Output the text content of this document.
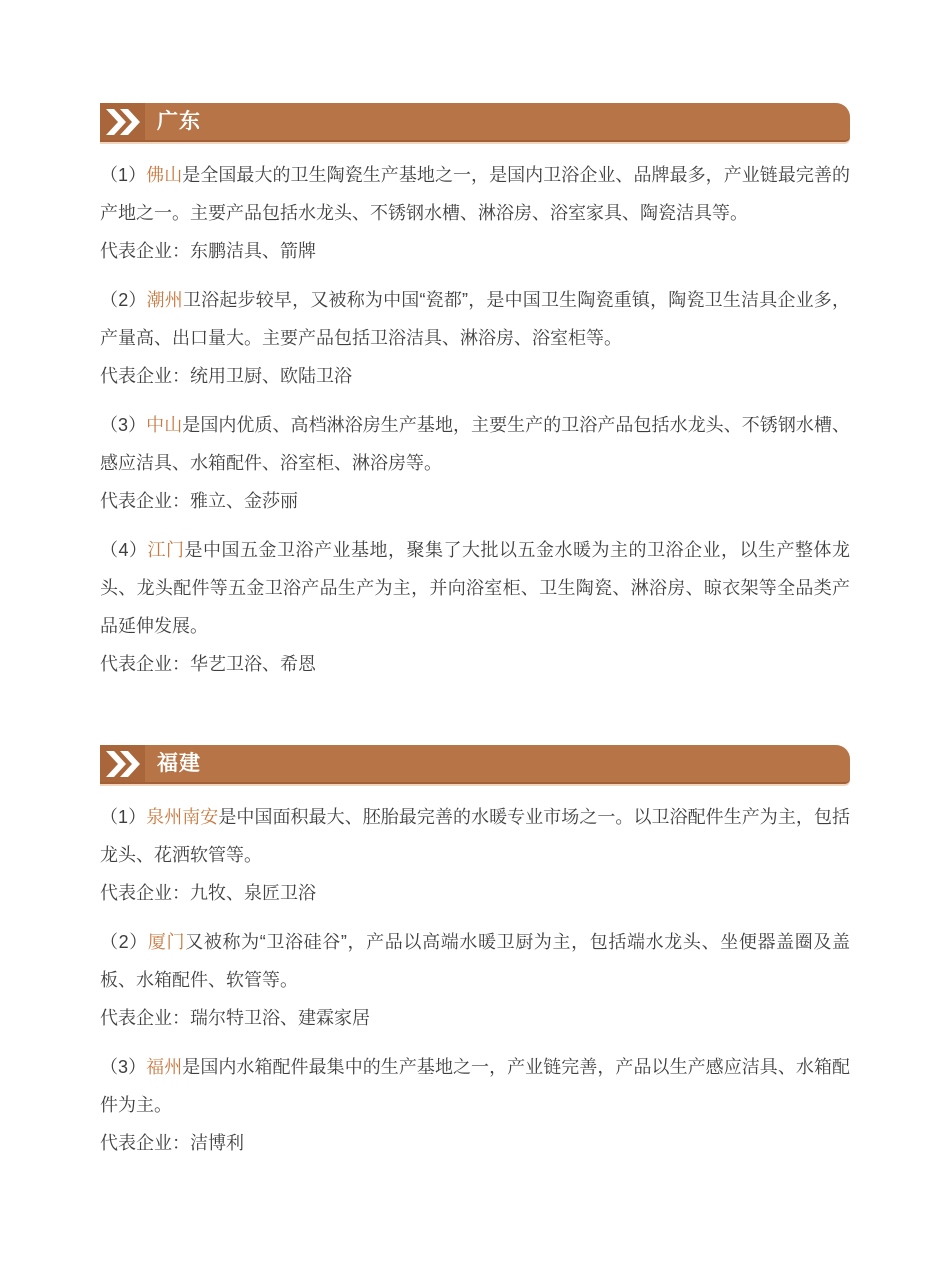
广东

（1）佛山是全国最大的卫生陶瓷生产基地之一，是国内卫浴企业、品牌最多，产业链最完善的产地之一。主要产品包括水龙头、不锈钢水槽、淋浴房、浴室家具、陶瓷洁具等。

代表企业：东鹏洁具、箭牌

（2）潮州卫浴起步较早，又被称为中国“瓷都”，是中国卫生陶瓷重镇，陶瓷卫生洁具企业多，产量高、出口量大。主要产品包括卫浴洁具、淋浴房、浴室柜等。

代表企业：统用卫厨、欧陆卫浴

（3）中山是国内优质、高档淋浴房生产基地，主要生产的卫浴产品包括水龙头、不锈钢水槽、感应洁具、水箱配件、浴室柜、淋浴房等。

代表企业：雅立、金莎丽

（4）江门是中国五金卫浴产业基地，聚集了大批以五金水暖为主的卫浴企业，以生产整体龙头、龙头配件等五金卫浴产品生产为主，并向浴室柜、卫生陶瓷、淋浴房、晾衣架等全品类产品延伸发展。

代表企业：华艺卫浴、希恩

福建

（1）泉州南安是中国面积最大、胚胎最完善的水暖专业市场之一。以卫浴配件生产为主，包括龙头、花洒软管等。

代表企业：九牧、泉匠卫浴

（2）厦门又被称为“卫浴硅谷”，产品以高端水暖卫厨为主，包括端水龙头、坐便器盖圈及盖板、水箱配件、软管等。

代表企业：瑞尔特卫浴、建霖家居

（3）福州是国内水箱配件最集中的生产基地之一，产业链完善，产品以生产感应洁具、水箱配件为主。

代表企业：洁博利
